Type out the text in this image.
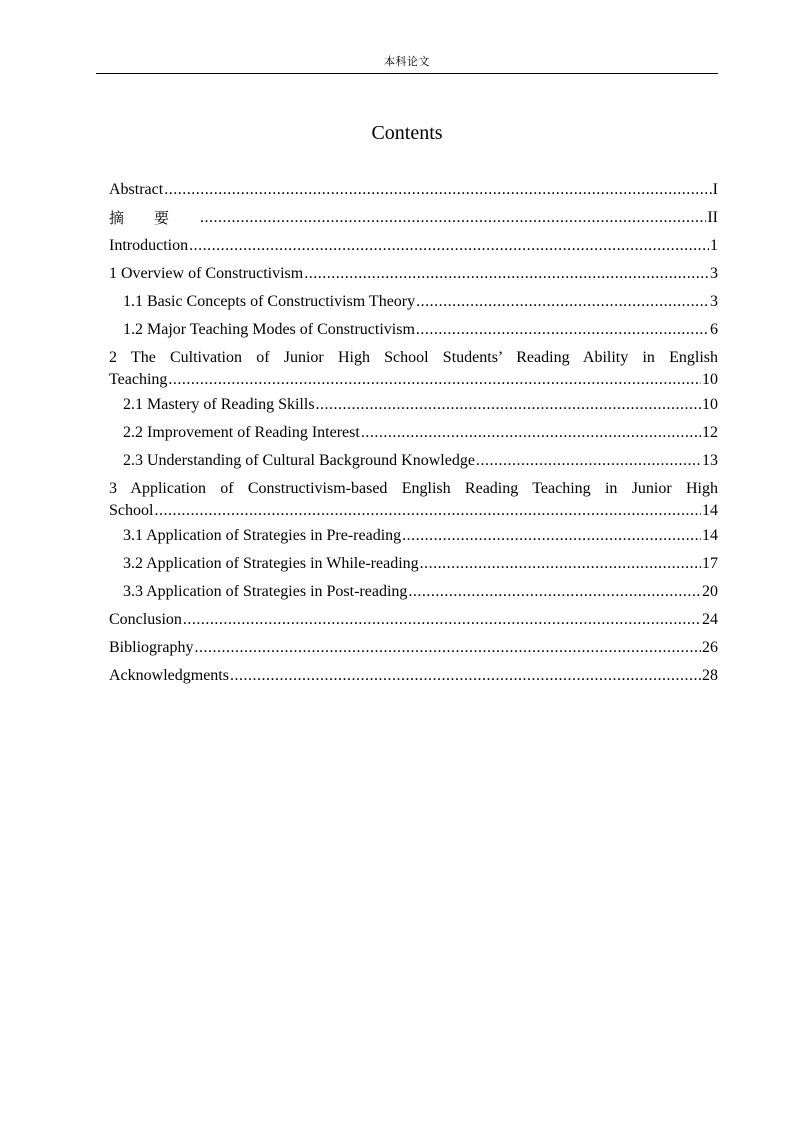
本科论文
Contents
Abstract .....	I
摘要 .....	II
Introduction .....	1
1 Overview of Constructivism .....	3
1.1 Basic Concepts of Constructivism Theory .....	3
1.2 Major Teaching Modes of Constructivism .....	6
2 The Cultivation of Junior High School Students’ Reading Ability in English
Teaching .....	10
2.1 Mastery of Reading Skills .....	10
2.2 Improvement of Reading Interest .....	12
2.3 Understanding of Cultural Background Knowledge .....	13
3 Application of Constructivism-based English Reading Teaching in Junior High
School .....	14
3.1 Application of Strategies in Pre-reading .....	14
3.2 Application of Strategies in While-reading .....	17
3.3 Application of Strategies in Post-reading .....	20
Conclusion .....	24
Bibliography .....	26
Acknowledgments .....	28
